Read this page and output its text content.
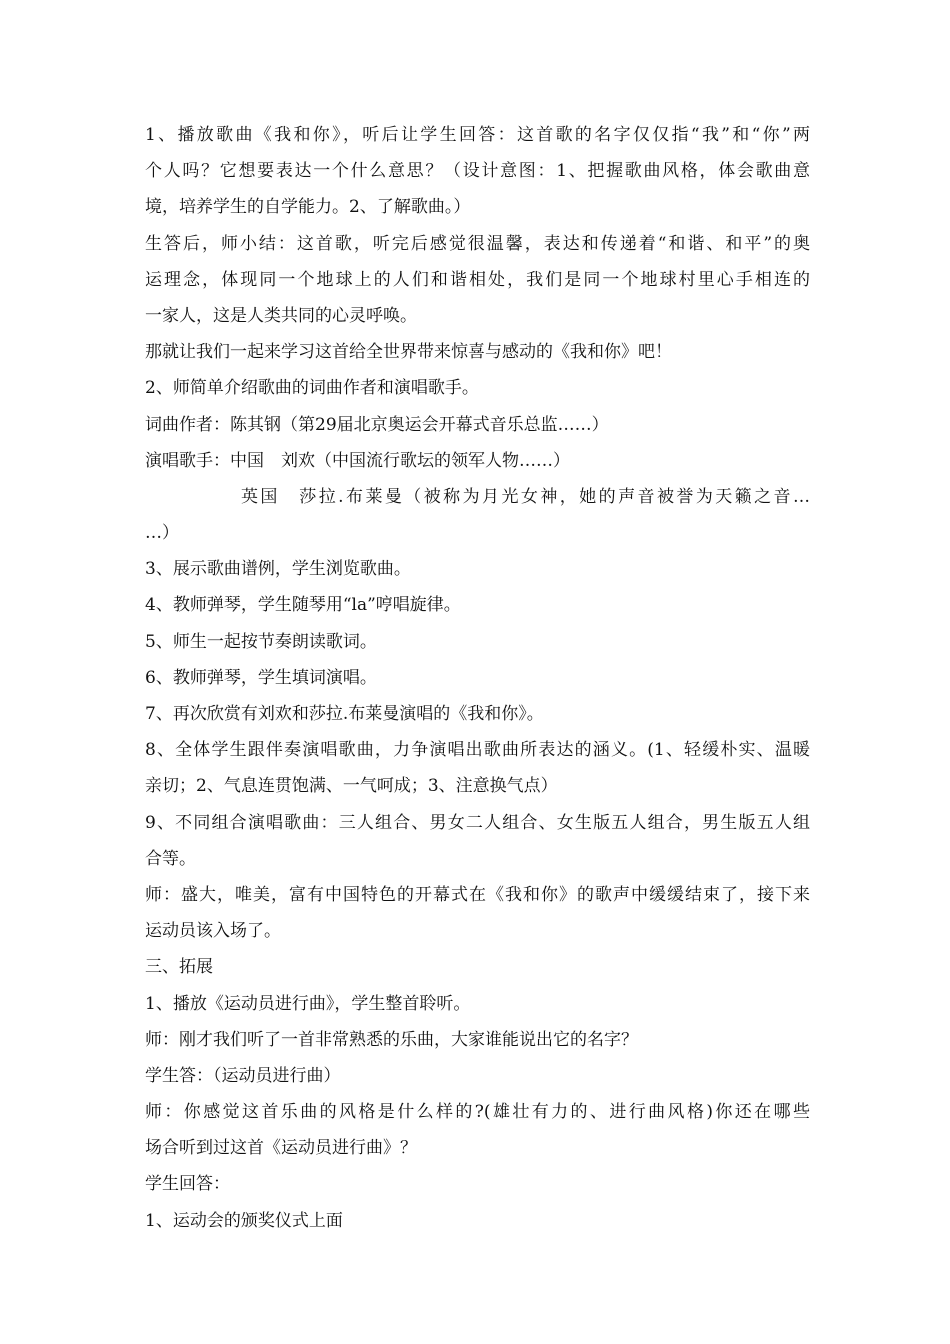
1、播放歌曲《我和你》，听后让学生回答：这首歌的名字仅仅指“我”和“你”两
个人吗？它想要表达一个什么意思？（设计意图：1、把握歌曲风格，体会歌曲意
境，培养学生的自学能力。2、了解歌曲。）
生答后，师小结：这首歌，听完后感觉很温馨，表达和传递着“和谐、和平”的奥
运理念，体现同一个地球上的人们和谐相处，我们是同一个地球村里心手相连的
一家人，这是人类共同的心灵呼唤。
那就让我们一起来学习这首给全世界带来惊喜与感动的《我和你》吧！
2、师简单介绍歌曲的词曲作者和演唱歌手。
词曲作者：陈其钢（第29届北京奥运会开幕式音乐总监……）
演唱歌手：中国　刘欢（中国流行歌坛的领军人物……）
英国　莎拉.布莱曼（被称为月光女神，她的声音被誉为天籁之音…
…）
3、展示歌曲谱例，学生浏览歌曲。
4、教师弹琴，学生随琴用“la”哼唱旋律。
5、师生一起按节奏朗读歌词。
6、教师弹琴，学生填词演唱。
7、再次欣赏有刘欢和莎拉.布莱曼演唱的《我和你》。
8、全体学生跟伴奏演唱歌曲，力争演唱出歌曲所表达的涵义。(1、轻缓朴实、温暖
亲切；2、气息连贯饱满、一气呵成；3、注意换气点）
9、不同组合演唱歌曲：三人组合、男女二人组合、女生版五人组合，男生版五人组
合等。
师：盛大，唯美，富有中国特色的开幕式在《我和你》的歌声中缓缓结束了，接下来
运动员该入场了。
三、拓展
1、播放《运动员进行曲》，学生整首聆听。
师：刚才我们听了一首非常熟悉的乐曲，大家谁能说出它的名字？
学生答：（运动员进行曲）
师：你感觉这首乐曲的风格是什么样的?(雄壮有力的、进行曲风格)你还在哪些
场合听到过这首《运动员进行曲》？
学生回答：
1、运动会的颁奖仪式上面
